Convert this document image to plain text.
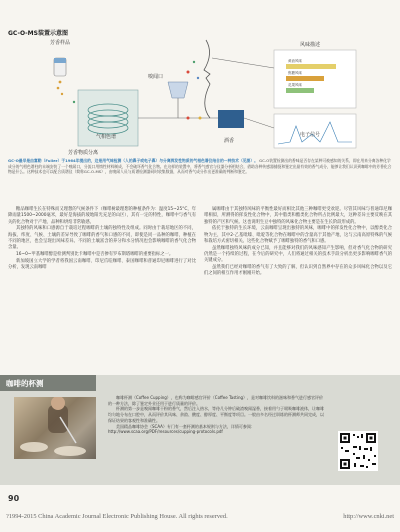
GC-O-MS装置示意图
芳香样品
气相色谱
芳香物质分离
嗅闻口
酒香
风味描述
黄油风味
焦糖风味
花果风味
电子信号
GC-O最早是由富勒（Fuller）于1964年提出的，这是用气味检测（人的鼻子或电子鼻）与分离挥发性物质的气相色谱仪结合的一种技术（见图）。 GC-O装置检测出的香味是否存在某种可被感知的关系，即在用来分离各种化学成分的气相色谱柱的末端安装了一个嗅闻口，分流口用惰性材料制成，不会破坏香气化合物。在这样的装置中，将香气感官与仪器分析相结合，借助各种传感器捕捉和鉴定出最有效的香气成分，能够让我们认识到咖啡中的芳香化合物是什么。这种技术也可以配合质谱仪（简称GC-O-MS），由嗅闻人员与质谱检测器同时收集数据，从而对香气成分作出更准确的判断和鉴定。

糖品咖啡生长在特殊而又理想的气候条件下（咖啡树最理想的种植条件为：温度15~25°C，年降雨量1500~2000毫米，最好是海拔的坡地阳光充足的山区），其有一定的特性，咖啡中与香气有关的化合物对于产地、品种和烘焙非常敏感。

其独特的风味和口感源自于栽培过程咖啡的土壤的独特性及组成。同时由于栽培地区的不同，海拔、纬度、气候、土壤的差异导致了咖啡的香气和口感的不同，即使是同一品种的咖啡，种植在不同的地区，也会呈现出风味差异。不同的土壤富含的养分和水分情况也会影响咖啡的香气化合物含量。

16~0~甲基咖啡醇是检测判别比卡咖啡中是否掺有罗布斯塔咖啡的重要指标之一。

新加坡国立大学的学者将我国云南咖啡、印尼爪哇咖啡、泰国咖啡和普通印尼咖啡进行了对比分析，发现云南咖啡

属咖啡由于其独特风味的平衡性最好而相比其他三种咖啡更受欢迎。尽管其风味与普通印尼咖啡相似，所测得的挥发性化合物中，其中脂类和酯类化合物所占比例最大，这种差异主要反映在其独特的产区和气候。这也说明生豆中独特的风味化合物主要是在生长阶段形成的。

依托于独特的生长环境，云南咖啡呈现出独特的风味，咖啡中的挥发性化合物中，以醇类化合物为主，其中2-乙基吡嗪、吡啶等化合物在咖啡中的含量高于其他产地，这与云南高原特殊的气候和栽培方式密切相关。这些化合物赋予了咖啡独特的香气和口感。

虽然咖啡独特风味的成分已知，并且能够对我们的风味感知产生影响，但对香气化合物的研究仍然是一个持续的过程，在今后的研究中，人们将通过相关的技术手段分析出更多影响咖啡香气的关键成分。

虽然我们已经对咖啡的香气有了大致的了解，但认识到自然界中存在的众多风味化合物以及它们之间的相互作用才刚刚开始。

咖啡的杯测

咖啡杯测（Coffee Cupping），也称为咖啡感官评价（Coffee Tasting），是对咖啡饮料的滋味和香气进行感官评价的一种方法，除了鉴定外业还用于进行质量的评价。

杯测的第一步是嗅闻咖啡干粉的香气，然后注入热水，等待几分钟后破渣嗅闻湿香，接着用勺子啜吸咖啡液体，让咖啡均匀地分布在口腔中，从而评价其风味、余韵、酸度、醇厚度、平衡度等项目。一般由多名经过训练的杯测师共同完成，以保证结果的客观性和准确性。

美国精品咖啡协会（SCAA）专门有一套杯测的基本规则与方法，详情可参阅：

http://www.scaa.org/PDF/resources/cupping-protocols.pdf
90
?1994-2015 China Academic Journal Electronic Publishing House. All rights reserved.	http://www.cnki.net
